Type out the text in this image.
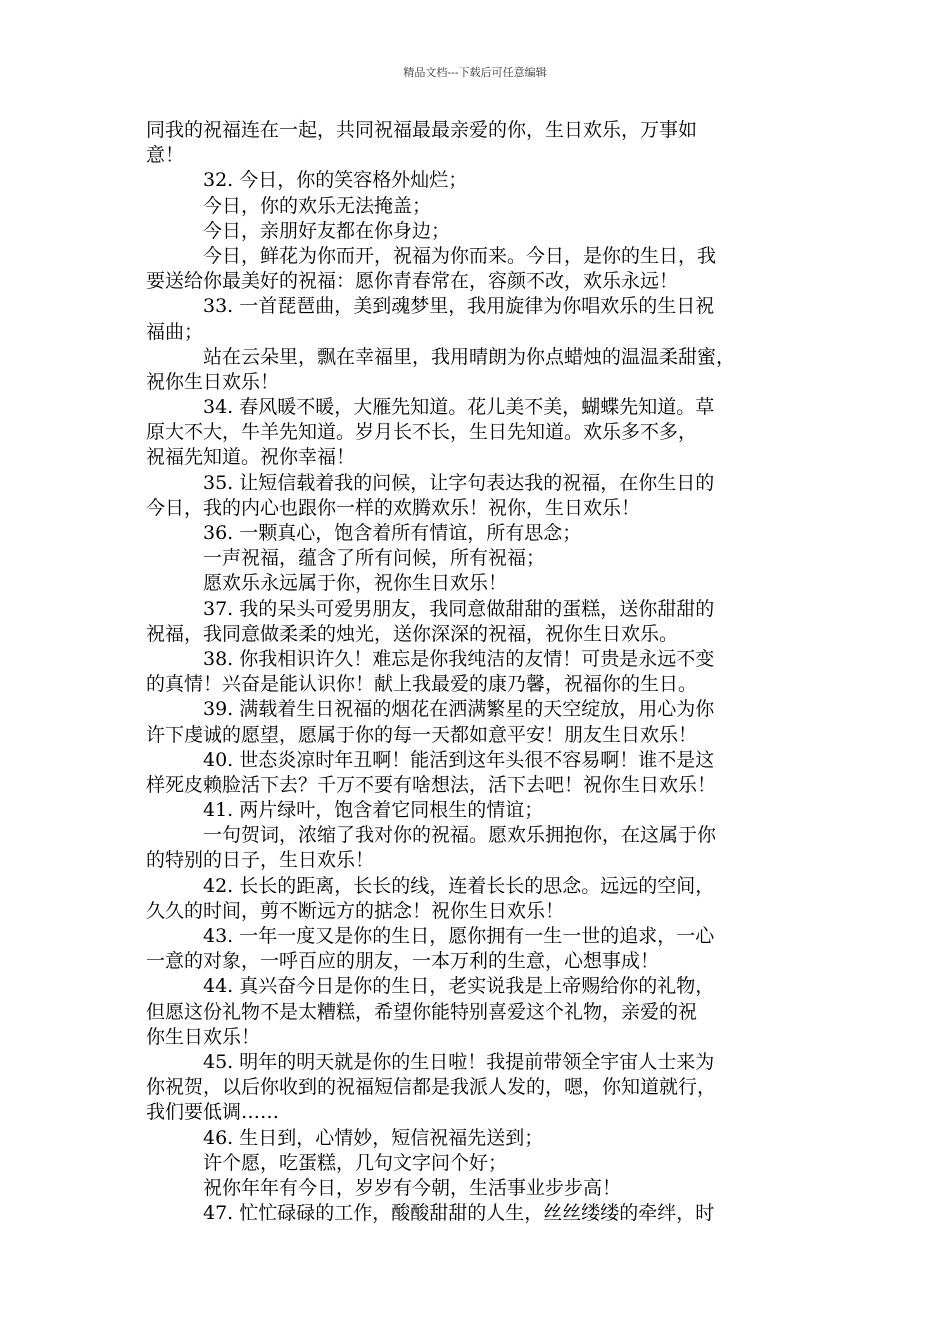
精品文档---下载后可任意编辑
同我的祝福连在一起，共同祝福最最亲爱的你，生日欢乐，万事如
意！
32. 今日，你的笑容格外灿烂；
今日，你的欢乐无法掩盖；
今日，亲朋好友都在你身边；
今日，鲜花为你而开，祝福为你而来。今日，是你的生日，我
要送给你最美好的祝福：愿你青春常在，容颜不改，欢乐永远！
33. 一首琵琶曲，美到魂梦里，我用旋律为你唱欢乐的生日祝
福曲；
站在云朵里，飘在幸福里，我用晴朗为你点蜡烛的温温柔甜蜜，
祝你生日欢乐！
34. 春风暖不暖，大雁先知道。花儿美不美，蝴蝶先知道。草
原大不大，牛羊先知道。岁月长不长，生日先知道。欢乐多不多，
祝福先知道。祝你幸福！
35. 让短信载着我的问候，让字句表达我的祝福，在你生日的
今日，我的内心也跟你一样的欢腾欢乐！祝你，生日欢乐！
36. 一颗真心，饱含着所有情谊，所有思念；
一声祝福，蕴含了所有问候，所有祝福；
愿欢乐永远属于你，祝你生日欢乐！
37. 我的呆头可爱男朋友，我同意做甜甜的蛋糕，送你甜甜的
祝福，我同意做柔柔的烛光，送你深深的祝福，祝你生日欢乐。
38. 你我相识许久！难忘是你我纯洁的友情！可贵是永远不变
的真情！兴奋是能认识你！献上我最爱的康乃馨，祝福你的生日。
39. 满载着生日祝福的烟花在洒满繁星的天空绽放，用心为你
许下虔诚的愿望，愿属于你的每一天都如意平安！朋友生日欢乐！
40. 世态炎凉时年丑啊！能活到这年头很不容易啊！谁不是这
样死皮赖脸活下去？千万不要有啥想法，活下去吧！祝你生日欢乐！
41. 两片绿叶，饱含着它同根生的情谊；
一句贺词，浓缩了我对你的祝福。愿欢乐拥抱你，在这属于你
的特别的日子，生日欢乐！
42. 长长的距离，长长的线，连着长长的思念。远远的空间，
久久的时间，剪不断远方的掂念！祝你生日欢乐！
43. 一年一度又是你的生日，愿你拥有一生一世的追求，一心
一意的对象，一呼百应的朋友，一本万利的生意，心想事成！
44. 真兴奋今日是你的生日，老实说我是上帝赐给你的礼物，
但愿这份礼物不是太糟糕，希望你能特别喜爱这个礼物，亲爱的祝
你生日欢乐！
45. 明年的明天就是你的生日啦！我提前带领全宇宙人士来为
你祝贺，以后你收到的祝福短信都是我派人发的，嗯，你知道就行，
我们要低调……
46. 生日到，心情妙，短信祝福先送到；
许个愿，吃蛋糕，几句文字问个好；
祝你年年有今日，岁岁有今朝，生活事业步步高！
47. 忙忙碌碌的工作，酸酸甜甜的人生，丝丝缕缕的牵绊，时
